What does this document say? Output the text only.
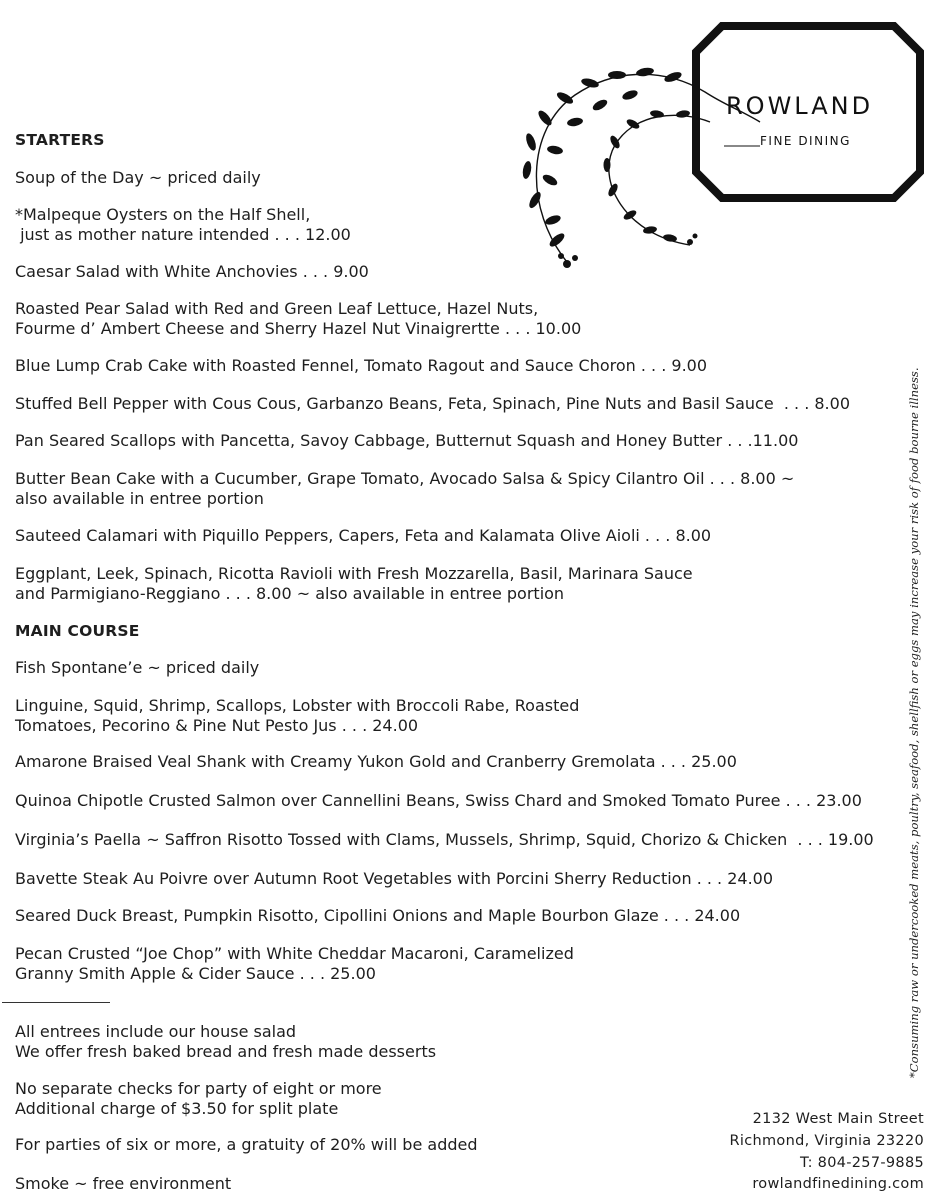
ROWLAND
FINE DINING
STARTERS
Soup of the Day ~ priced daily
*Malpeque Oysters on the Half Shell,
just as mother nature intended . . . 12.00
Caesar Salad with White Anchovies . . . 9.00
Roasted Pear Salad with Red and Green Leaf Lettuce, Hazel Nuts,
Fourme d’ Ambert Cheese and Sherry Hazel Nut Vinaigrertte . . . 10.00
Blue Lump Crab Cake with Roasted Fennel, Tomato Ragout and Sauce Choron . . . 9.00
Stuffed Bell Pepper with Cous Cous, Garbanzo Beans, Feta, Spinach, Pine Nuts and Basil Sauce  . . . 8.00
Pan Seared Scallops with Pancetta, Savoy Cabbage, Butternut Squash and Honey Butter . . .11.00
Butter Bean Cake with a Cucumber, Grape Tomato, Avocado Salsa & Spicy Cilantro Oil . . . 8.00 ~
also available in entree portion
Sauteed Calamari with Piquillo Peppers, Capers, Feta and Kalamata Olive Aioli . . . 8.00
Eggplant, Leek, Spinach, Ricotta Ravioli with Fresh Mozzarella, Basil, Marinara Sauce
and Parmigiano-Reggiano . . . 8.00 ~ also available in entree portion
MAIN COURSE
Fish Spontane’e ~ priced daily
Linguine, Squid, Shrimp, Scallops, Lobster with Broccoli Rabe, Roasted
Tomatoes, Pecorino & Pine Nut Pesto Jus . . . 24.00
Amarone Braised Veal Shank with Creamy Yukon Gold and Cranberry Gremolata . . . 25.00
Quinoa Chipotle Crusted Salmon over Cannellini Beans, Swiss Chard and Smoked Tomato Puree . . . 23.00
Virginia’s Paella ~ Saffron Risotto Tossed with Clams, Mussels, Shrimp, Squid, Chorizo & Chicken  . . . 19.00
Bavette Steak Au Poivre over Autumn Root Vegetables with Porcini Sherry Reduction . . . 24.00
Seared Duck Breast, Pumpkin Risotto, Cipollini Onions and Maple Bourbon Glaze . . . 24.00
Pecan Crusted “Joe Chop” with White Cheddar Macaroni, Caramelized
Granny Smith Apple & Cider Sauce . . . 25.00
All entrees include our house salad
We offer fresh baked bread and fresh made desserts
No separate checks for party of eight or more
Additional charge of $3.50 for split plate
For parties of six or more, a gratuity of 20% will be added
Smoke ~ free environment
2132 West Main Street
Richmond, Virginia 23220
T: 804-257-9885
rowlandfinedining.com
*Consuming raw or undercooked meats, poultry, seafood, shellfish or eggs may increase your risk of food bourne illness.
